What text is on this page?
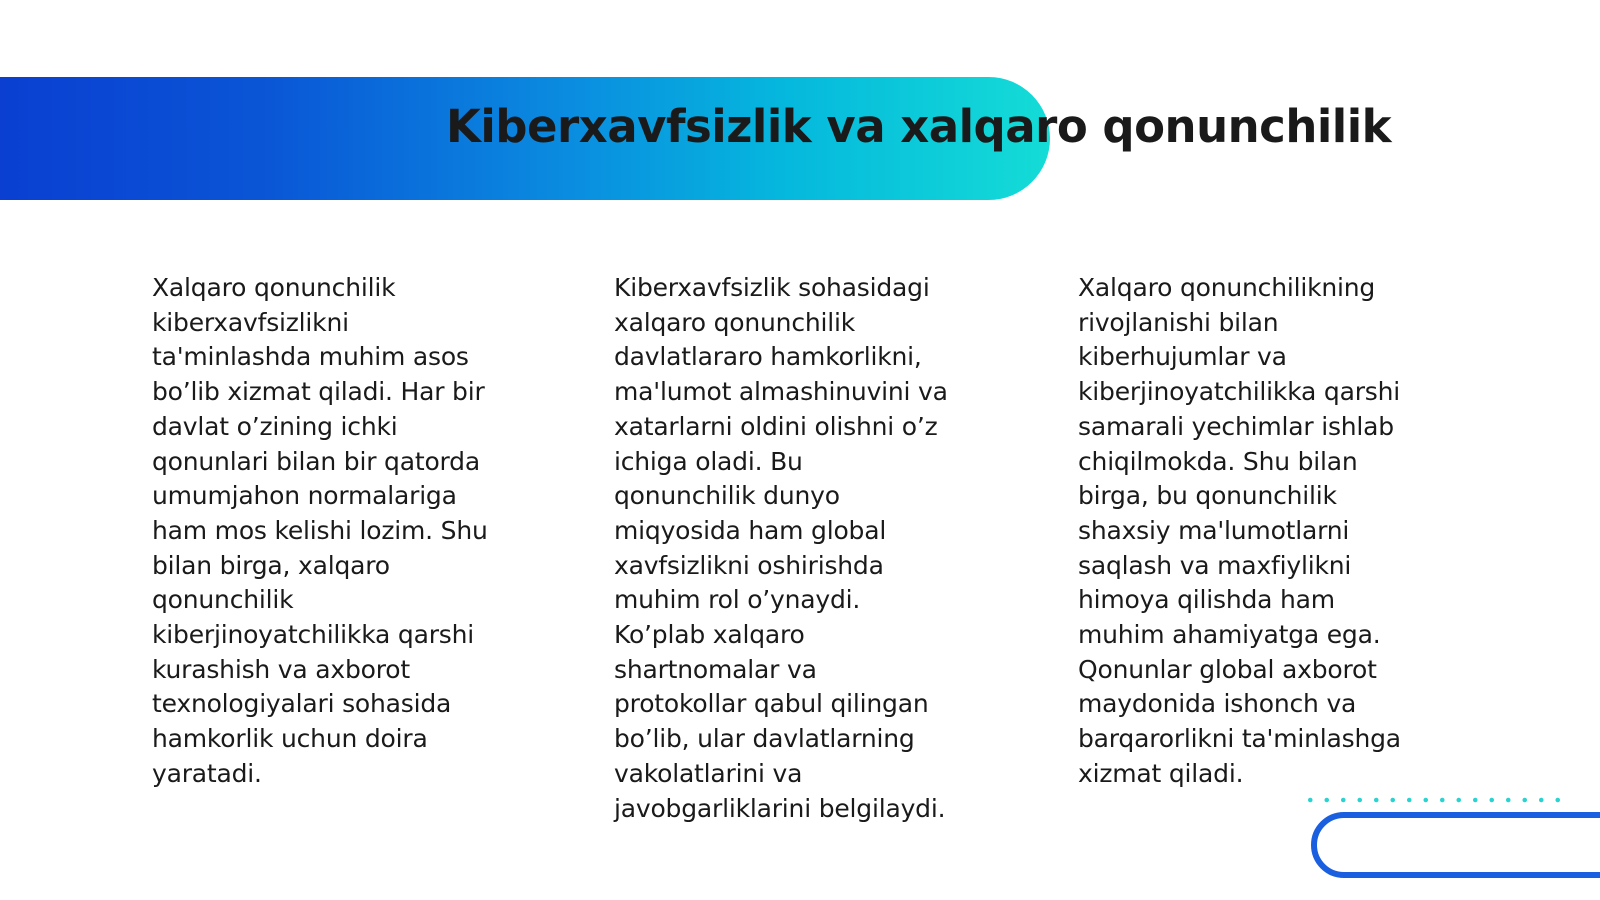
Kiberxavfsizlik va xalqaro qonunchilik
Xalqaro qonunchilik
kiberxavfsizlikni
ta'minlashda muhim asos
bo’lib xizmat qiladi. Har bir
davlat o’zining ichki
qonunlari bilan bir qatorda
umumjahon normalariga
ham mos kelishi lozim. Shu
bilan birga, xalqaro
qonunchilik
kiberjinoyatchilikka qarshi
kurashish va axborot
texnologiyalari sohasida
hamkorlik uchun doira
yaratadi.
Kiberxavfsizlik sohasidagi
xalqaro qonunchilik
davlatlararo hamkorlikni,
ma'lumot almashinuvini va
xatarlarni oldini olishni o’z
ichiga oladi. Bu
qonunchilik dunyo
miqyosida ham global
xavfsizlikni oshirishda
muhim rol o’ynaydi.
Ko’plab xalqaro
shartnomalar va
protokollar qabul qilingan
bo’lib, ular davlatlarning
vakolatlarini va
javobgarliklarini belgilaydi.
Xalqaro qonunchilikning
rivojlanishi bilan
kiberhujumlar va
kiberjinoyatchilikka qarshi
samarali yechimlar ishlab
chiqilmokda. Shu bilan
birga, bu qonunchilik
shaxsiy ma'lumotlarni
saqlash va maxfiylikni
himoya qilishda ham
muhim ahamiyatga ega.
Qonunlar global axborot
maydonida ishonch va
barqarorlikni ta'minlashga
xizmat qiladi.
